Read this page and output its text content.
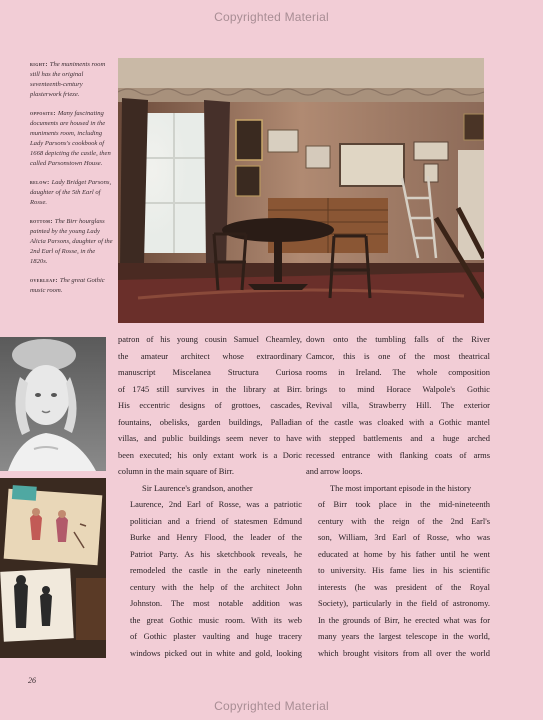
Copyrighted Material

right: The muniments room still has the original seventeenth-century plasterwork frieze.

opposite: Many fascinating documents are housed in the muniments room, including Lady Parsons's cookbook of 1668 depicting the castle, then called Parsonstown House.

below: Lady Bridget Parsons, daughter of the 5th Earl of Rosse.

bottom: The Birr hourglass painted by the young Lady Alicia Parsons, daughter of the 2nd Earl of Rosse, in the 1820s.

overleaf: The great Gothic music room.

patron of his young cousin Samuel Chearnley,
the amateur architect whose extraordinary
manuscript Miscelanea Structura Curiosa
of 1745 still survives in the library at Birr.
His eccentric designs of grottoes, cascades,
fountains, obelisks, garden buildings, Palladian
villas, and public buildings seem never to have
been executed; his only extant work is a Doric
column in the main square of Birr.

Sir Laurence's grandson, another
Laurence, 2nd Earl of Rosse, was a patriotic
politician and a friend of statesmen Edmund
Burke and Henry Flood, the leader of the
Patriot Party. As his sketchbook reveals, he
remodeled the castle in the early nineteenth
century with the help of the architect John
Johnston. The most notable addition was
the great Gothic music room. With its web
of Gothic plaster vaulting and huge tracery
windows picked out in white and gold, looking

down onto the tumbling falls of the River
Camcor, this is one of the most theatrical
rooms in Ireland. The whole composition
brings to mind Horace Walpole's Gothic
Revival villa, Strawberry Hill. The exterior
of the castle was cloaked with a Gothic mantel
with stepped battlements and a huge arched
recessed entrance with flanking coats of arms
and arrow loops.

The most important episode in the history
of Birr took place in the mid-nineteenth
century with the reign of the 2nd Earl's
son, William, 3rd Earl of Rosse, who was
educated at home by his father until he went
to university. His fame lies in his scientific
interests (he was president of the Royal
Society), particularly in the field of astronomy.
In the grounds of Birr, he erected what was for
many years the largest telescope in the world,
which brought visitors from all over the world

26
Copyrighted Material
